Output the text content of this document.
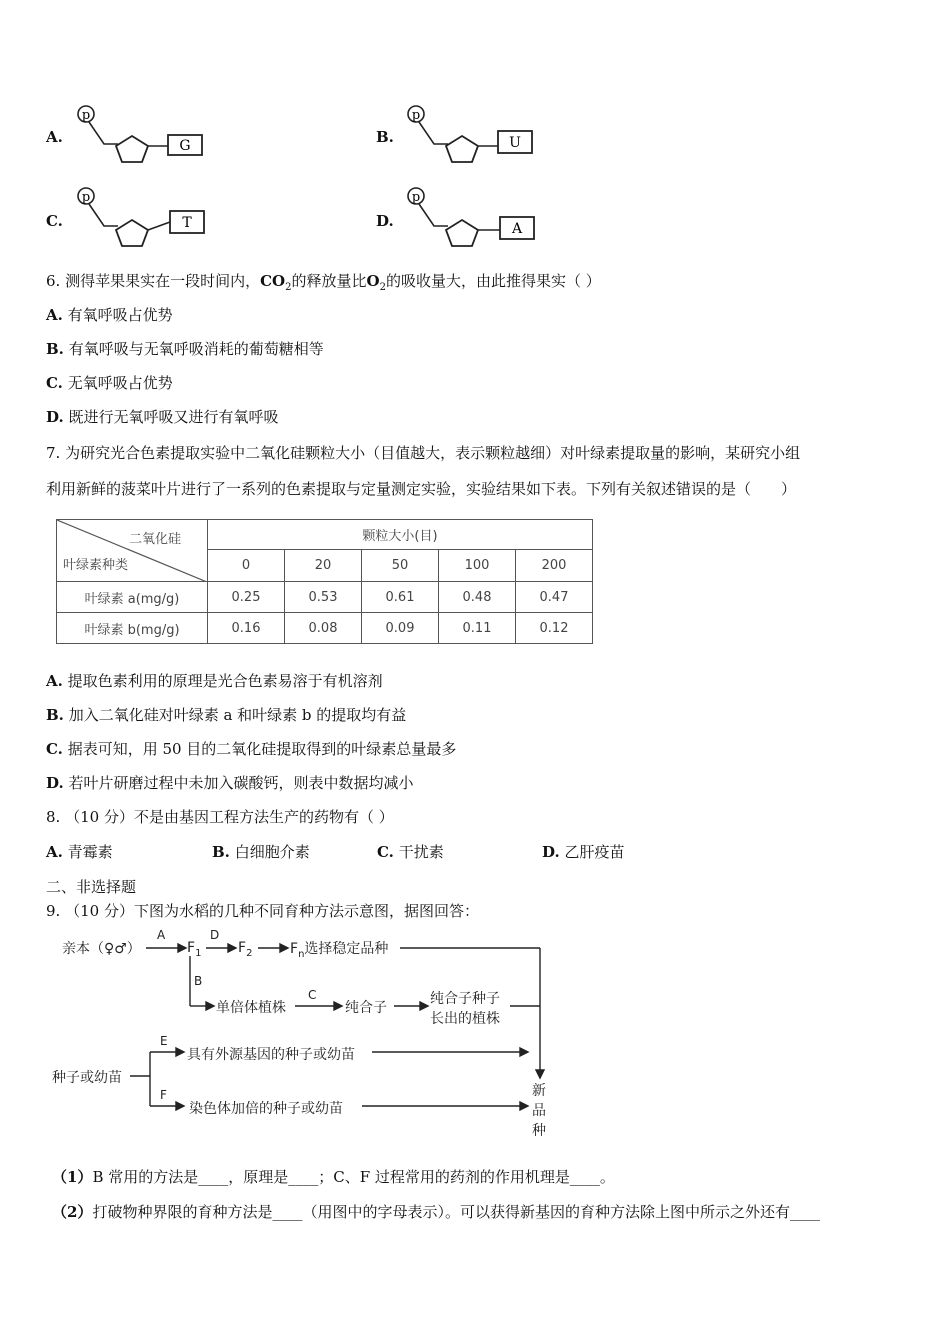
A.
p
G	B.
p
U
C.
p
T	D.
p
A
6. 测得苹果果实在一段时间内，$CO_2$的释放量比$O_2$的吸收量大，由此推得果实（ ）
A. 有氧呼吸占优势
B. 有氧呼吸与无氧呼吸消耗的葡萄糖相等
C. 无氧呼吸占优势
D. 既进行无氧呼吸又进行有氧呼吸
7. 为研究光合色素提取实验中二氧化硅颗粒大小（目值越大，表示颗粒越细）对叶绿素提取量的影响，某研究小组
利用新鲜的菠菜叶片进行了一系列的色素提取与定量测定实验，实验结果如下表。下列有关叙述错误的是（　　）
二氧化硅
叶绿素种类	颗粒大小(目)				
	0	20	50	100	200
叶绿素 a(mg/g)	0.25	0.53	0.61	0.48	0.47
叶绿素 b(mg/g)	0.16	0.08	0.09	0.11	0.12
A. 提取色素利用的原理是光合色素易溶于有机溶剂
B. 加入二氧化硅对叶绿素 a 和叶绿素 b 的提取均有益
C. 据表可知，用 50 目的二氧化硅提取得到的叶绿素总量最多
D. 若叶片研磨过程中未加入碳酸钙，则表中数据均减小
8. （10 分）不是由基因工程方法生产的药物有（ ）
A. 青霉素	B. 白细胞介素	C. 干扰素	D. 乙肝疫苗
二、非选择题
9. （10 分）下图为水稻的几种不同育种方法示意图，据图回答：
亲本（♀♂）
A
$F_1$
D
$F_2$	$F_n$选择稳定品种
B
单倍体植株
C
纯合子
纯合子种子
长出的植株
种子或幼苗
E
具有外源基因的种子或幼苗
F
染色体加倍的种子或幼苗
新
品
种
（1）B 常用的方法是____，原理是____；C、F 过程常用的药剂的作用机理是____。
（2）打破物种界限的育种方法是____（用图中的字母表示）。可以获得新基因的育种方法除上图中所示之外还有____
